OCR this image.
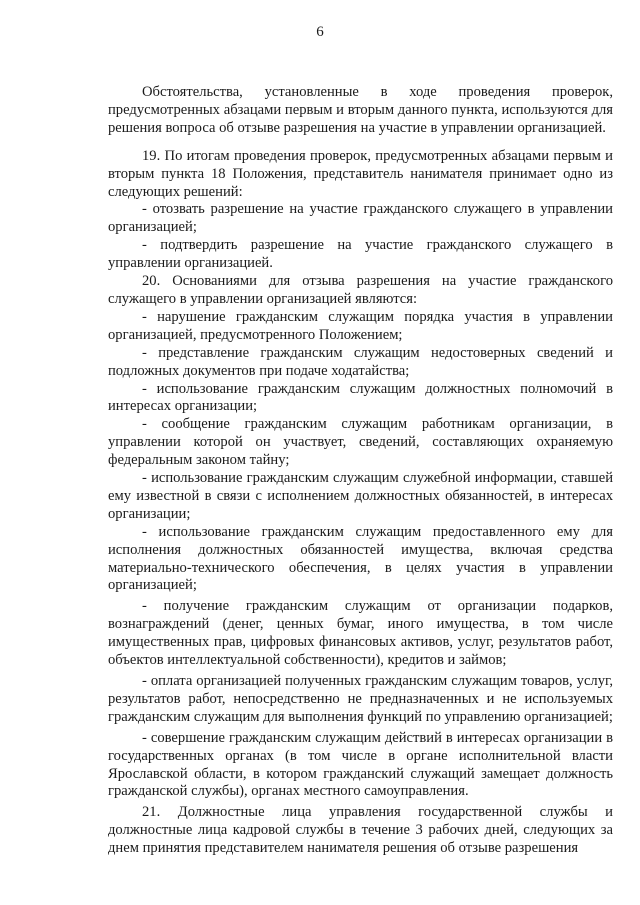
6

Обстоятельства, установленные в ходе проведения проверок, предусмотренных абзацами первым и вторым данного пункта, используются для решения вопроса об отзыве разрешения на участие в управлении организацией.

19. По итогам проведения проверок, предусмотренных абзацами первым и вторым пункта 18 Положения, представитель нанимателя принимает одно из следующих решений:

- отозвать разрешение на участие гражданского служащего в управлении организацией;

- подтвердить разрешение на участие гражданского служащего в управлении организацией.

20. Основаниями для отзыва разрешения на участие гражданского служащего в управлении организацией являются:

- нарушение гражданским служащим порядка участия в управлении организацией, предусмотренного Положением;

- представление гражданским служащим недостоверных сведений и подложных документов при подаче ходатайства;

- использование гражданским служащим должностных полномочий в интересах организации;

- сообщение гражданским служащим работникам организации, в управлении которой он участвует, сведений, составляющих охраняемую федеральным законом тайну;

- использование гражданским служащим служебной информации, ставшей ему известной в связи с исполнением должностных обязанностей, в интересах организации;

- использование гражданским служащим предоставленного ему для исполнения должностных обязанностей имущества, включая средства материально-технического обеспечения, в целях участия в управлении организацией;

- получение гражданским служащим от организации подарков, вознаграждений (денег, ценных бумаг, иного имущества, в том числе имущественных прав, цифровых финансовых активов, услуг, результатов работ, объектов интеллектуальной собственности), кредитов и займов;

- оплата организацией полученных гражданским служащим товаров, услуг, результатов работ, непосредственно не предназначенных и не используемых гражданским служащим для выполнения функций по управлению организацией;

- совершение гражданским служащим действий в интересах организации в государственных органах (в том числе в органе исполнительной власти Ярославской области, в котором гражданский служащий замещает должность гражданской службы), органах местного самоуправления.

21. Должностные лица управления государственной службы и должностные лица кадровой службы в течение 3 рабочих дней, следующих за днем принятия представителем нанимателя решения об отзыве разрешения
